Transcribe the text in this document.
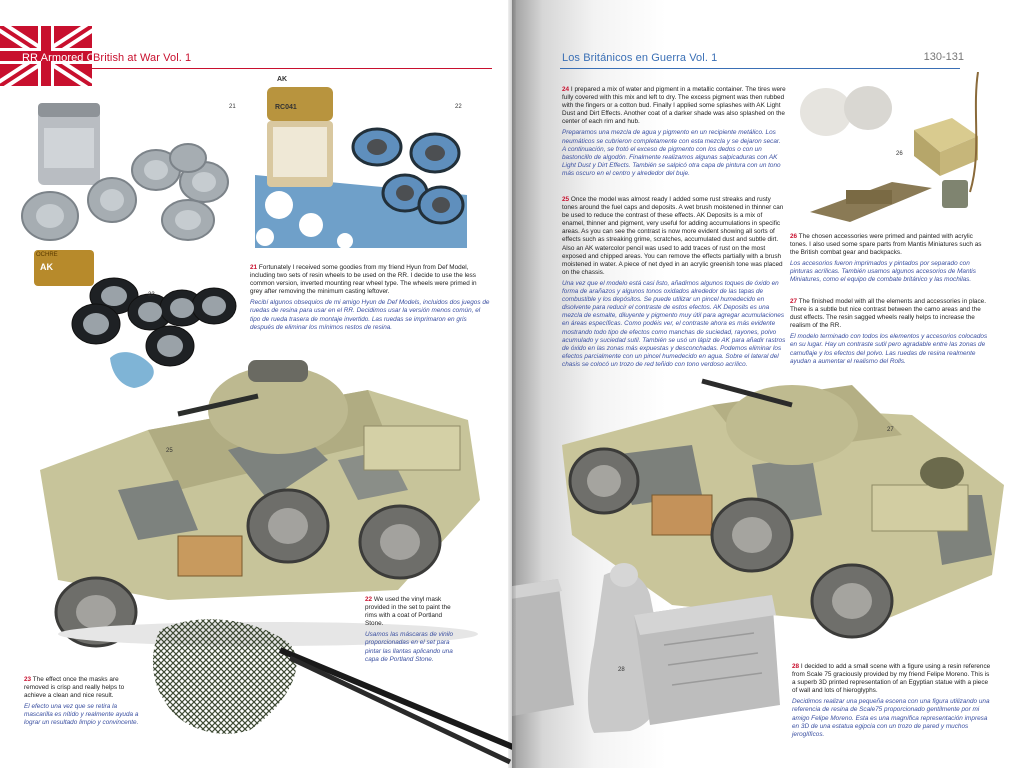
RR Armored Car
British at War Vol. 1
21
AK
RC041	22
OCHRE
AK
23

21 Fortunately I received some goodies from my friend Hyun from Def Model, including two sets of resin wheels to be used on the RR. I decide to use the less common version, inverted mounting rear wheel type. The wheels were primed in grey after removing the minimum casting leftover.

Recibí algunos obsequios de mi amigo Hyun de Def Models, incluidos dos juegos de ruedas de resina para usar en el RR. Decidimos usar la versión menos común, el tipo de rueda trasera de montaje invertido. Las ruedas se imprimaron en gris después de eliminar los mínimos restos de resina.

25

22 We used the vinyl mask provided in the set to paint the rims with a coat of Portland Stone.

Usamos las máscaras de vinilo proporcionadas en el set para pintar las llantas aplicando una capa de Portland Stone.

23 The effect once the masks are removed is crisp and really helps to achieve a clean and nice result.

El efecto una vez que se retira la mascarilla es nítido y realmente ayuda a lograr un resultado limpio y convincente.

Los Británicos en Guerra Vol. 1	130-131

24 I prepared a mix of water and pigment in a metallic container. The tires were fully covered with this mix and left to dry. The excess pigment was then rubbed with the fingers or a cotton bud. Finally I applied some splashes with AK Light Dust and Dirt Effects. Another coat of a darker shade was also splashed on the center of each rim and hub.

Preparamos una mezcla de agua y pigmento en un recipiente metálico. Los neumáticos se cubrieron completamente con esta mezcla y se dejaron secar. A continuación, se frotó el exceso de pigmento con los dedos o con un bastoncillo de algodón. Finalmente realizamos algunas salpicaduras con AK Light Dust y Dirt Effects. También se salpicó otra capa de pintura con un tono más oscuro en el centro y alrededor del buje.

25 Once the model was almost ready I added some rust streaks and rusty tones around the fuel caps and deposits. A wet brush moistened in thinner can be used to reduce the contrast of these effects. AK Deposits is a mix of enamel, thinner and pigment, very useful for adding accumulations in specific areas. As you can see the contrast is now more evident showing all sorts of effects such as streaking grime, scratches, accumulated dust and subtle dirt. Also an AK watercolor pencil was used to add traces of rust on the most exposed and chipped areas. You can remove the effects partially with a brush moistened in water. A piece of net dyed in an acrylic greenish tone was placed on the chassis.

Una vez que el modelo está casi listo, añadimos algunos toques de óxido en forma de arañazos y algunos tonos oxidados alrededor de las tapas de combustible y los depósitos. Se puede utilizar un pincel humedecido en disolvente para reducir el contraste de estos efectos. AK Deposits es una mezcla de esmalte, diluyente y pigmento muy útil para agregar acumulaciones en áreas específicas. Como podéis ver, el contraste ahora es más evidente mostrando todo tipo de efectos como manchas de suciedad, rayones, polvo acumulado y suciedad sutil. También se usó un lápiz de AK para añadir rastros de óxido en las zonas más expuestas y desconchadas. Podemos eliminar los efectos parcialmente con un pincel humedecido en agua. Sobre el lateral del chasis se colocó un trozo de red teñido con tono verdoso acrílico.

26

26 The chosen accessories were primed and painted with acrylic tones. I also used some spare parts from Mantis Miniatures such as the British combat gear and backpacks.

Los accesorios fueron imprimados y pintados por separado con pinturas acrílicas. También usamos algunos accesorios de Mantis Miniatures, como el equipo de combate británico y las mochilas.

27 The finished model with all the elements and accessories in place. There is a subtle but nice contrast between the camo areas and the dust effects. The resin sagged wheels really helps to increase the realism of the RR.

El modelo terminado con todos los elementos y accesorios colocados en su lugar. Hay un contraste sutil pero agradable entre las zonas de camuflaje y los efectos del polvo. Las ruedas de resina realmente ayudan a aumentar el realismo del Rolls.

27
28	28 I decided to add a small scene with a figure using a resin reference from Scale 75 graciously provided by my friend Felipe Moreno. This is a superb 3D printed representation of an Egyptian statue with a piece of wall and lots of hieroglyphs.

Decidimos realizar una pequeña escena con una figura utilizando una referencia de resina de Scale75 proporcionado gentilmente por mi amigo Felipe Moreno. Esta es una magnífica representación impresa en 3D de una estatua egipcia con un trozo de pared y muchos jeroglíficos.
